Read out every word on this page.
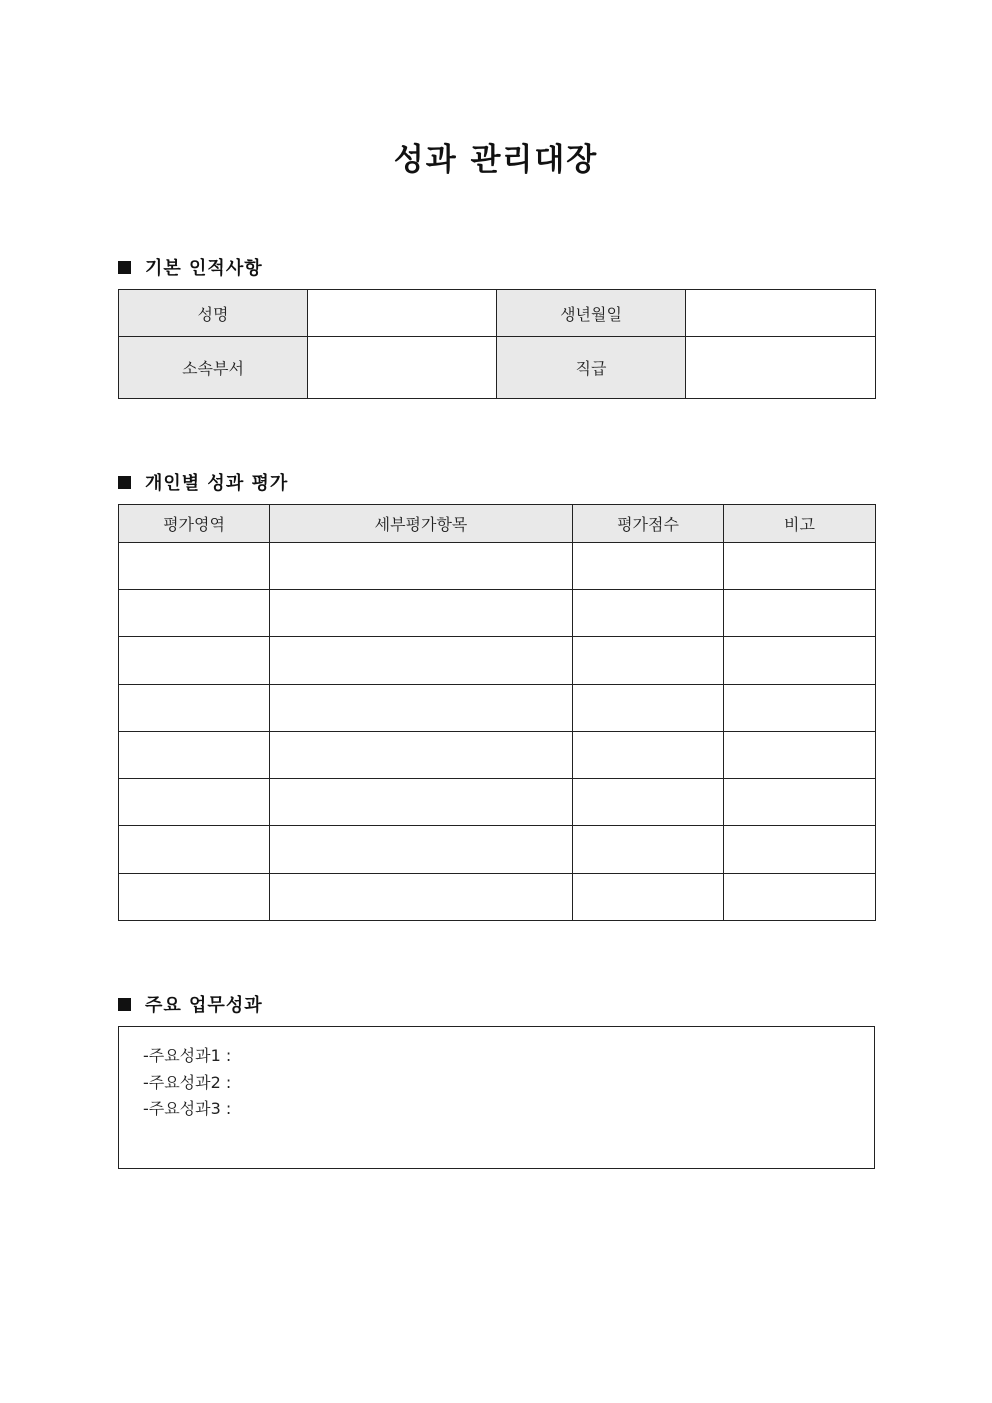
성과 관리대장
기본 인적사항
성명		생년월일	
소속부서		직급	
개인별 성과 평가
평가영역	세부평가항목	평가점수	비고

주요 업무성과
-주요성과1 :
-주요성과2 :
-주요성과3 :
